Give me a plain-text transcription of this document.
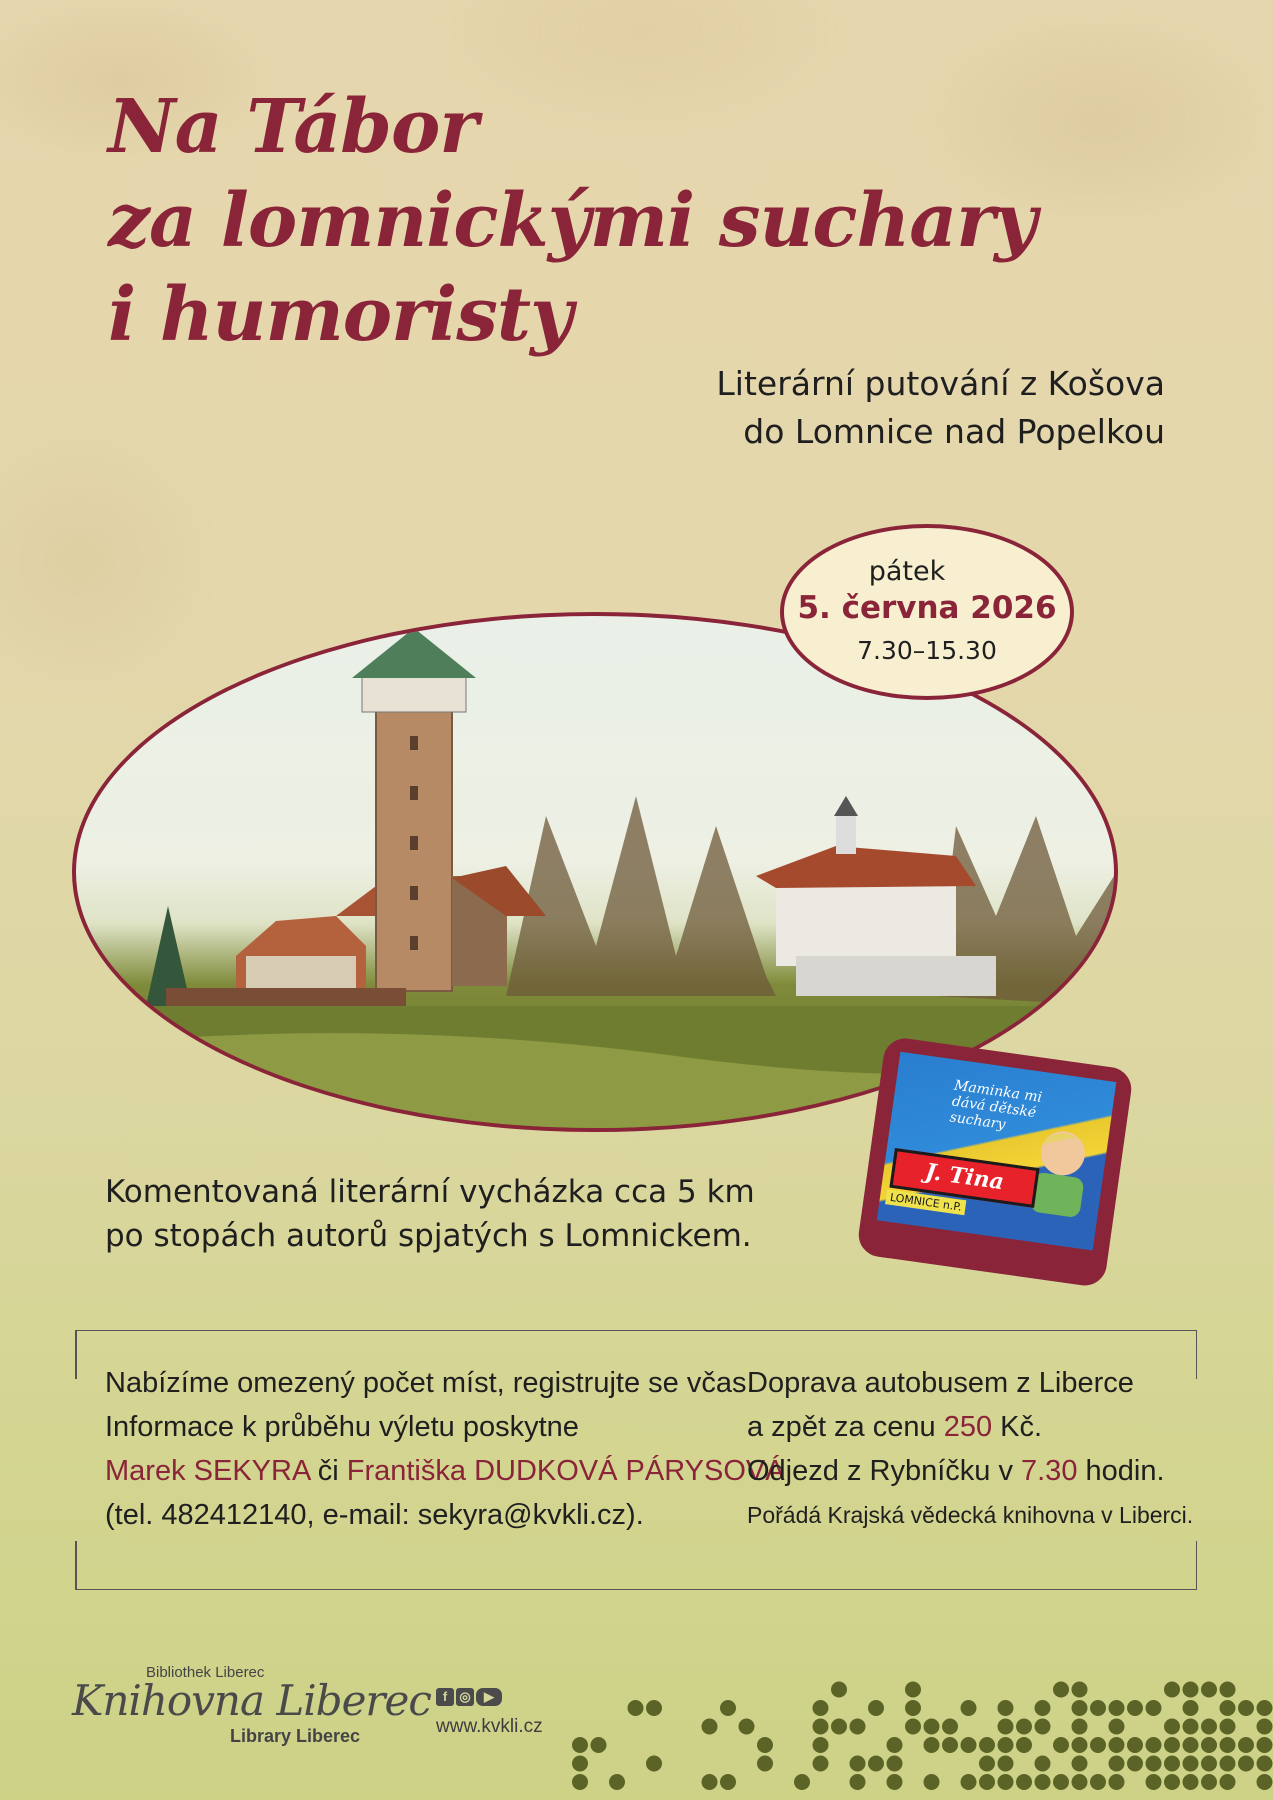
Na Tábor
za lomnickými suchary
i humoristy
Literární putování z Košova
do Lomnice nad Popelkou
pátek
5. června 2026
7.30–15.30
Maminka mi dává dětské suchary
J. Tina
LOMNICE n.P.
Komentovaná literární vycházka cca 5 km
po stopách autorů spjatých s Lomnickem.
Nabízíme omezený počet míst, registrujte se včas.
Informace k průběhu výletu poskytne
Marek SEKYRA či Františka DUDKOVÁ PÁRYSOVÁ
(tel. 482412140, e-mail: sekyra@kvkli.cz).
Doprava autobusem z Liberce
a zpět za cenu 250 Kč.
Odjezd z Rybníčku v 7.30 hodin.
Pořádá Krajská vědecká knihovna v Liberci.
Bibliothek Liberec
Knihovna Liberec
Library Liberec
f ◎	▶
www.kvkli.cz
